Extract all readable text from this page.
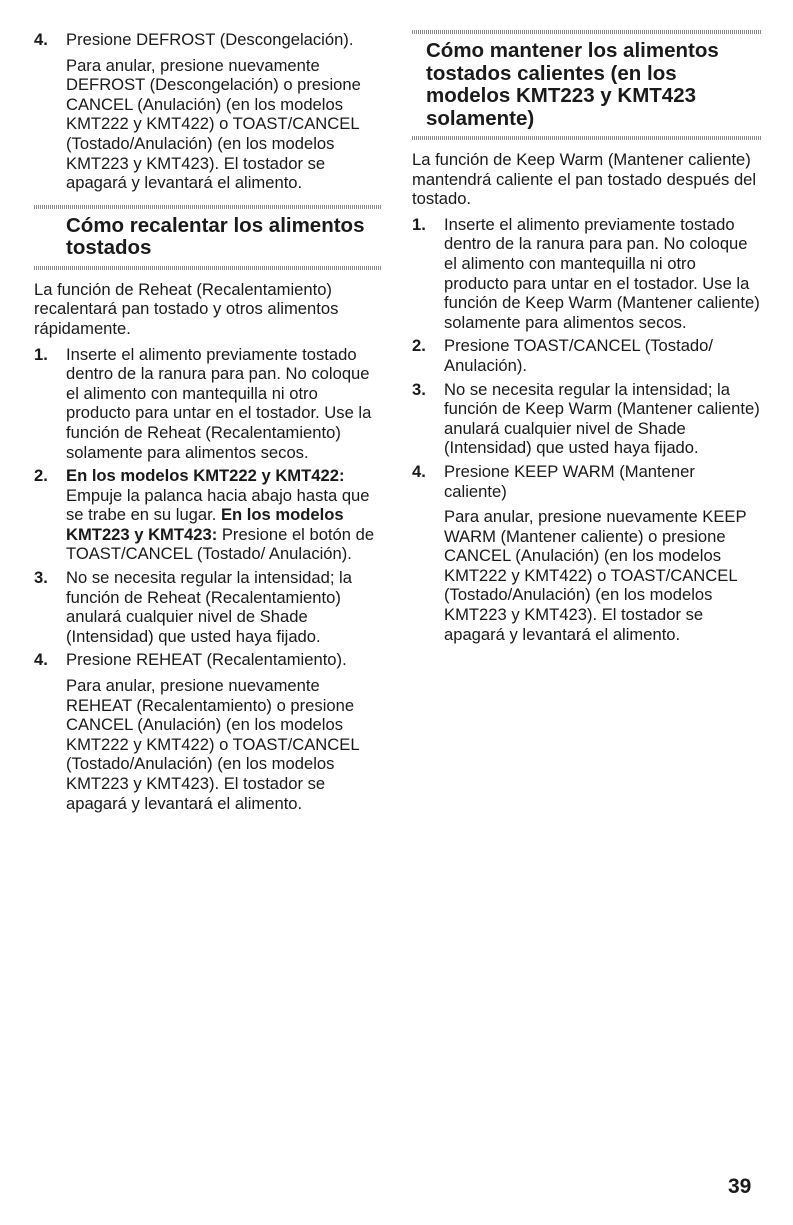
4.	Presione DEFROST (Descongelación).

Para anular, presione nuevamente DEFROST (Descongelación) o presione CANCEL (Anulación) (en los modelos KMT222 y KMT422) o TOAST/CANCEL (Tostado/Anulación) (en los modelos KMT223 y KMT423). El tostador se apagará y levantará el alimento.

Cómo recalentar los alimentos tostados

La función de Reheat (Recalentamiento) recalentará pan tostado y otros alimentos rápidamente.

1.	Inserte el alimento previamente tostado dentro de la ranura para pan. No coloque el alimento con mantequilla ni otro producto para untar en el tostador. Use la función de Reheat (Recalentamiento) solamente para alimentos secos.

2.	En los modelos KMT222 y KMT422: Empuje la palanca hacia abajo hasta que se trabe en su lugar. En los modelos KMT223 y KMT423: Presione el botón de TOAST/CANCEL (Tostado/ Anulación).

3.	No se necesita regular la intensidad; la función de Reheat (Recalentamiento) anulará cualquier nivel de Shade (Intensidad) que usted haya fijado.

4.	Presione REHEAT (Recalentamiento).

Para anular, presione nuevamente REHEAT (Recalentamiento) o presione CANCEL (Anulación) (en los modelos KMT222 y KMT422) o TOAST/CANCEL (Tostado/Anulación) (en los modelos KMT223 y KMT423). El tostador se apagará y levantará el alimento.

Cómo mantener los alimentos tostados calientes (en los modelos KMT223 y KMT423 solamente)

La función de Keep Warm (Mantener caliente) mantendrá caliente el pan tostado después del tostado.

1.	Inserte el alimento previamente tostado dentro de la ranura para pan. No coloque el alimento con mantequilla ni otro producto para untar en el tostador. Use la función de Keep Warm (Mantener caliente) solamente para alimentos secos.

2.	Presione TOAST/CANCEL (Tostado/ Anulación).

3.	No se necesita regular la intensidad; la función de Keep Warm (Mantener caliente) anulará cualquier nivel de Shade (Intensidad) que usted haya fijado.

4.	Presione KEEP WARM (Mantener caliente)

Para anular, presione nuevamente KEEP WARM (Mantener caliente) o presione CANCEL (Anulación) (en los modelos KMT222 y KMT422) o TOAST/CANCEL (Tostado/Anulación) (en los modelos KMT223 y KMT423). El tostador se apagará y levantará el alimento.

39
